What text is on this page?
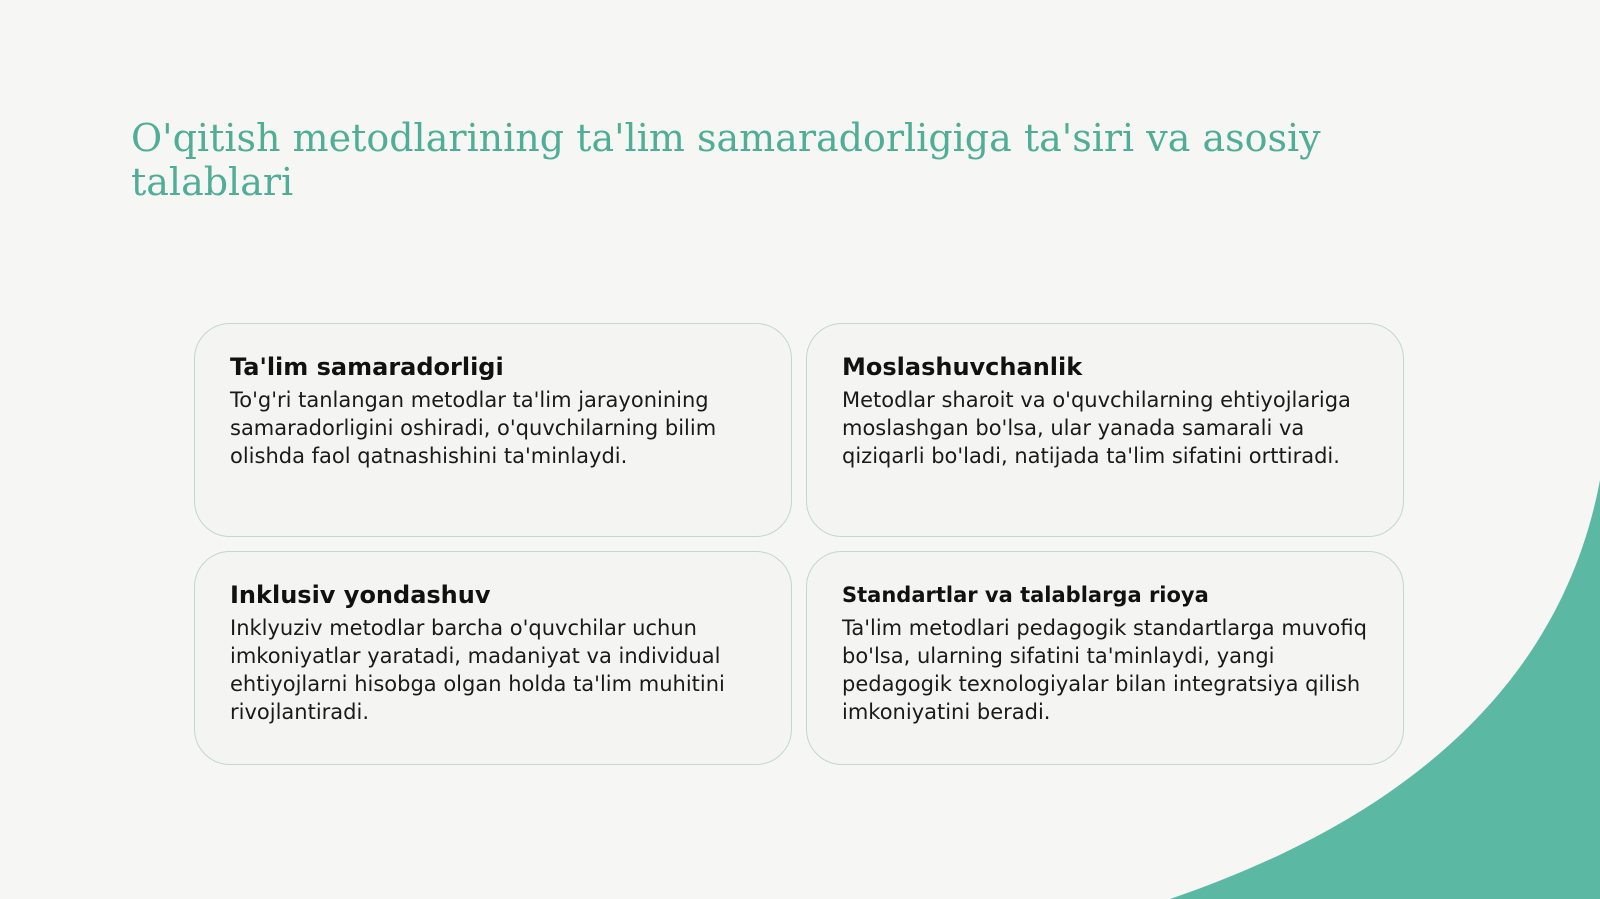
O'qitish metodlarining ta'lim samaradorligiga ta'siri va asosiy talablari

Ta'lim samaradorligi

To'g'ri tanlangan metodlar ta'lim jarayonining samaradorligini oshiradi, o'quvchilarning bilim olishda faol qatnashishini ta'minlaydi.

Moslashuvchanlik

Metodlar sharoit va o'quvchilarning ehtiyojlariga moslashgan bo'lsa, ular yanada samarali va qiziqarli bo'ladi, natijada ta'lim sifatini orttiradi.

Inklusiv yondashuv

Inklyuziv metodlar barcha o'quvchilar uchun imkoniyatlar yaratadi, madaniyat va individual ehtiyojlarni hisobga olgan holda ta'lim muhitini rivojlantiradi.

Standartlar va talablarga rioya

Ta'lim metodlari pedagogik standartlarga muvofiq bo'lsa, ularning sifatini ta'minlaydi, yangi pedagogik texnologiyalar bilan integratsiya qilish imkoniyatini beradi.
